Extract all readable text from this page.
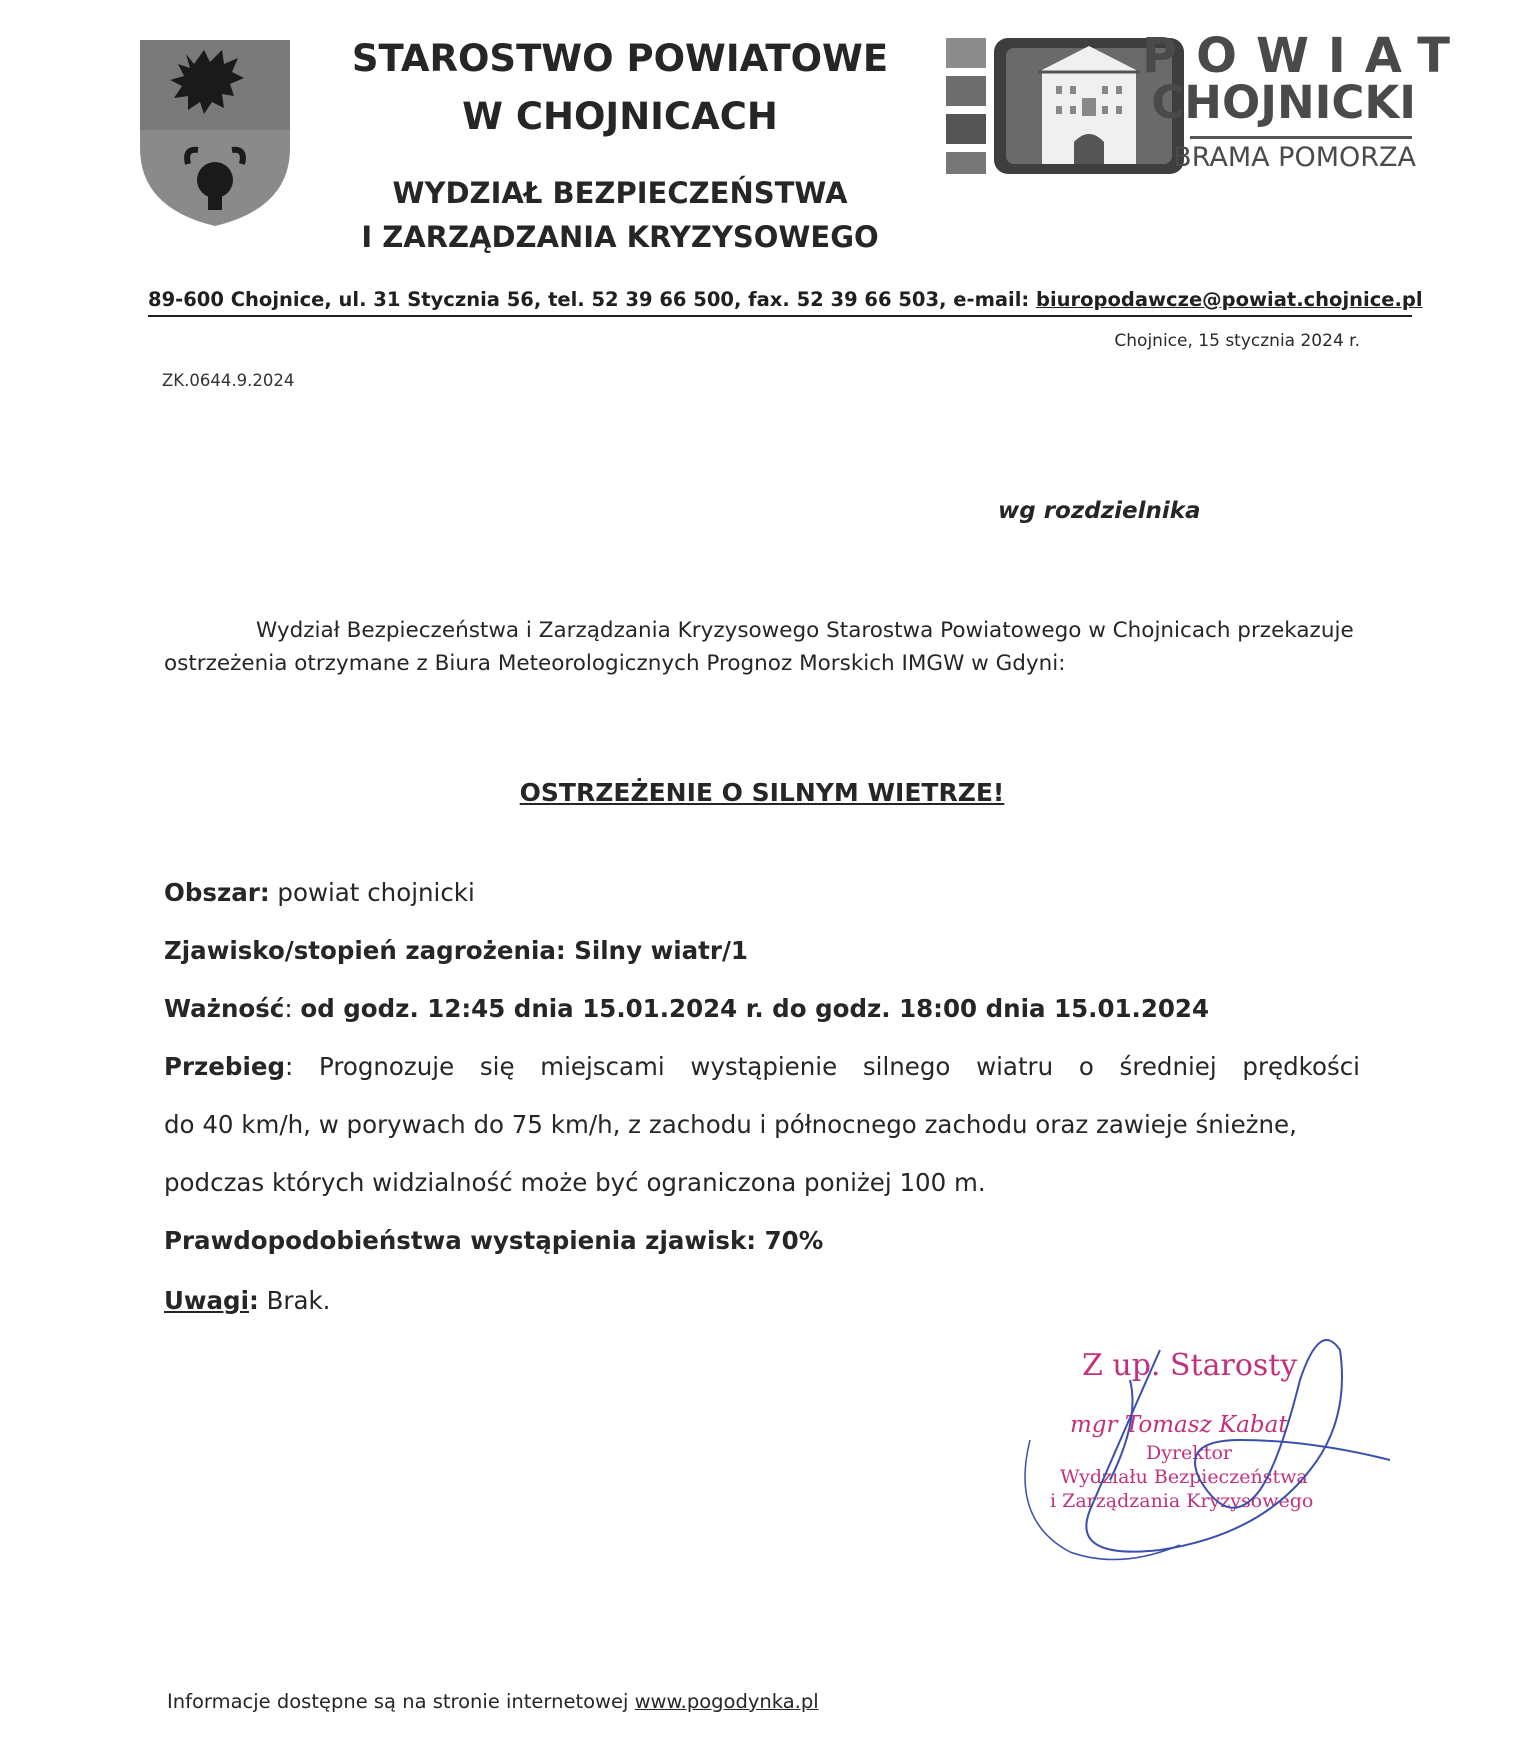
STAROSTWO POWIATOWE
W CHOJNICACH
WYDZIAŁ BEZPIECZEŃSTWA
I ZARZĄDZANIA KRYZYSOWEGO
POWIAT
CHOJNICKI
BRAMA POMORZA
89-600 Chojnice, ul. 31 Stycznia 56, tel. 52 39 66 500, fax. 52 39 66 503, e-mail: biuropodawcze@powiat.chojnice.pl
Chojnice, 15 stycznia 2024 r.
ZK.0644.9.2024
wg rozdzielnika
Wydział Bezpieczeństwa i Zarządzania Kryzysowego Starostwa Powiatowego w Chojnicach przekazuje ostrzeżenia otrzymane z Biura Meteorologicznych Prognoz Morskich IMGW w Gdyni:
OSTRZEŻENIE O SILNYM WIETRZE!
Obszar: powiat chojnicki
Zjawisko/stopień zagrożenia: Silny wiatr/1
Ważność: od godz. 12:45 dnia 15.01.2024 r. do godz. 18:00 dnia 15.01.2024
Przebieg: Prognozuje się miejscami wystąpienie silnego wiatru o średniej prędkości
do 40 km/h, w porywach do 75 km/h, z zachodu i północnego zachodu oraz zawieje śnieżne,
podczas których widzialność może być ograniczona poniżej 100 m.
Prawdopodobieństwa wystąpienia zjawisk: 70%
Uwagi: Brak.
Z up. Starosty
mgr Tomasz Kabat
Dyrektor
Wydziału Bezpieczeństwa
i Zarządzania Kryzysowego
Informacje dostępne są na stronie internetowej www.pogodynka.pl
